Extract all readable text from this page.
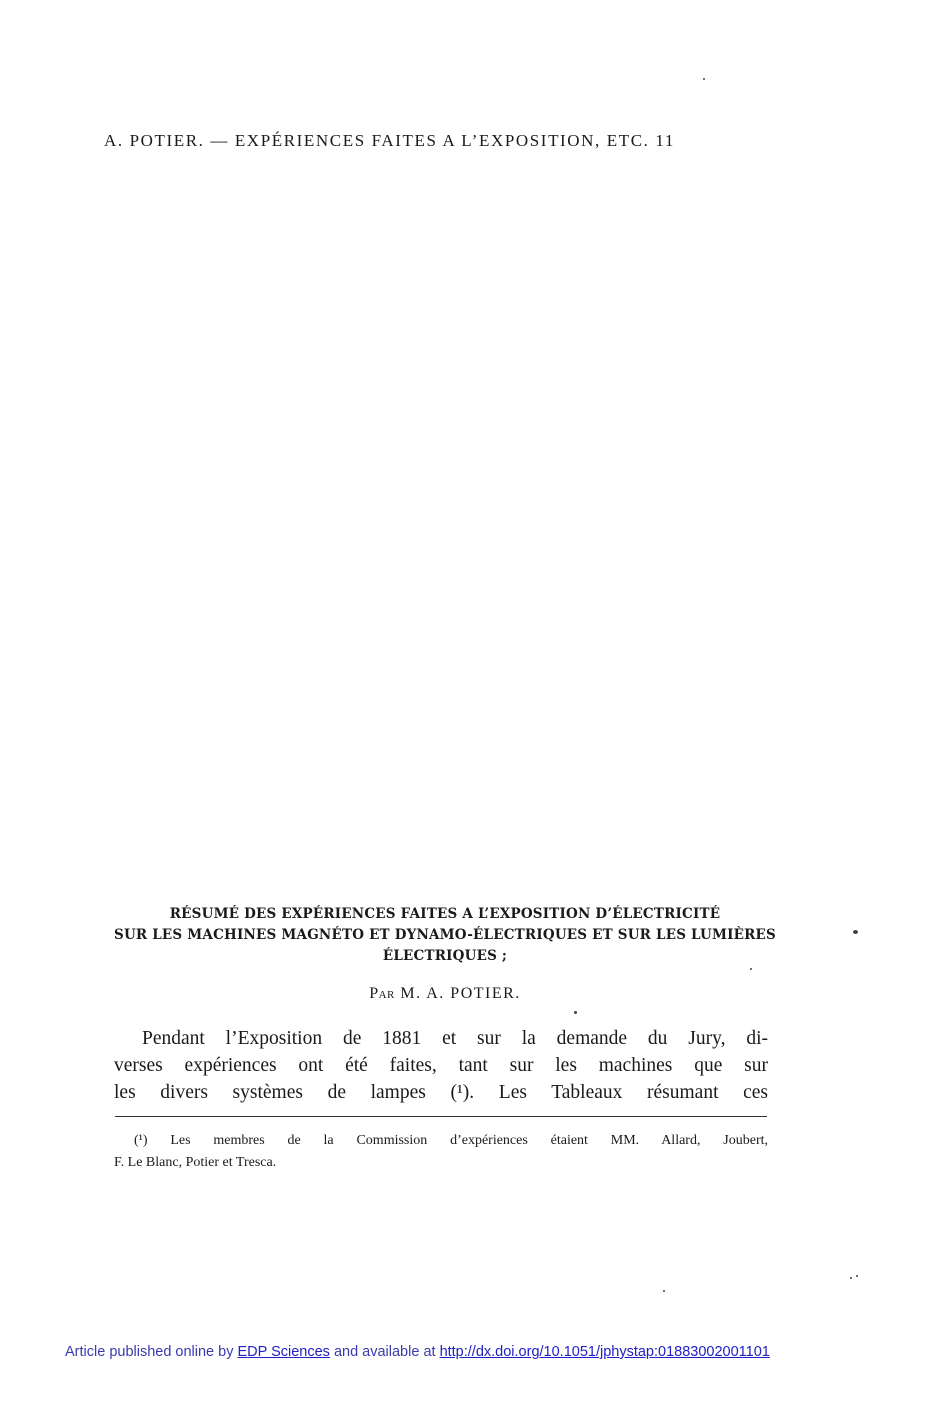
A. POTIER. — EXPÉRIENCES FAITES A L’EXPOSITION, ETC. 11
RÉSUMÉ DES EXPÉRIENCES FAITES A L’EXPOSITION D’ÉLECTRICITÉ
SUR LES MACHINES MAGNÉTO ET DYNAMO-ÉLECTRIQUES ET SUR LES LUMIÈRES
ÉLECTRIQUES ;
Par M. A. POTIER.
Pendant l’Exposition de 1881 et sur la demande du Jury, di-
verses expériences ont été faites, tant sur les machines que sur
les divers systèmes de lampes (¹). Les Tableaux résumant ces
(¹) Les membres de la Commission d’expériences étaient MM. Allard, Joubert,
F. Le Blanc, Potier et Tresca.
Article published online by EDP Sciences and available at http://dx.doi.org/10.1051/jphystap:01883002001101
